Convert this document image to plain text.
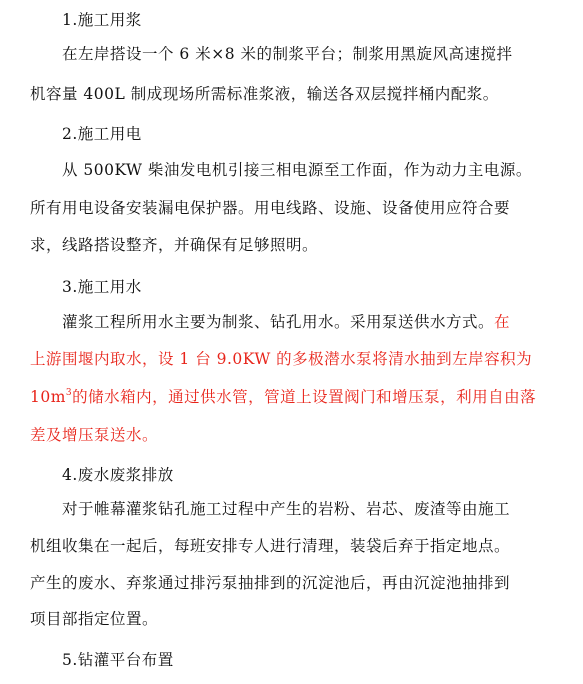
1.施工用浆
在左岸搭设一个 6 米×8 米的制浆平台；制浆用黑旋风高速搅拌
机容量 400L 制成现场所需标准浆液，输送各双层搅拌桶内配浆。
2.施工用电
从 500KW 柴油发电机引接三相电源至工作面，作为动力主电源。
所有用电设备安装漏电保护器。用电线路、设施、设备使用应符合要
求，线路搭设整齐，并确保有足够照明。
3.施工用水
灌浆工程所用水主要为制浆、钻孔用水。采用泵送供水方式。在
上游围堰内取水，设 1 台 9.0KW 的多极潜水泵将清水抽到左岸容积为
$10m^3$的储水箱内，通过供水管，管道上设置阀门和增压泵，利用自由落
差及增压泵送水。
4.废水废浆排放
对于帷幕灌浆钻孔施工过程中产生的岩粉、岩芯、废渣等由施工
机组收集在一起后，每班安排专人进行清理，装袋后弃于指定地点。
产生的废水、弃浆通过排污泵抽排到的沉淀池后，再由沉淀池抽排到
项目部指定位置。
5.钻灌平台布置
